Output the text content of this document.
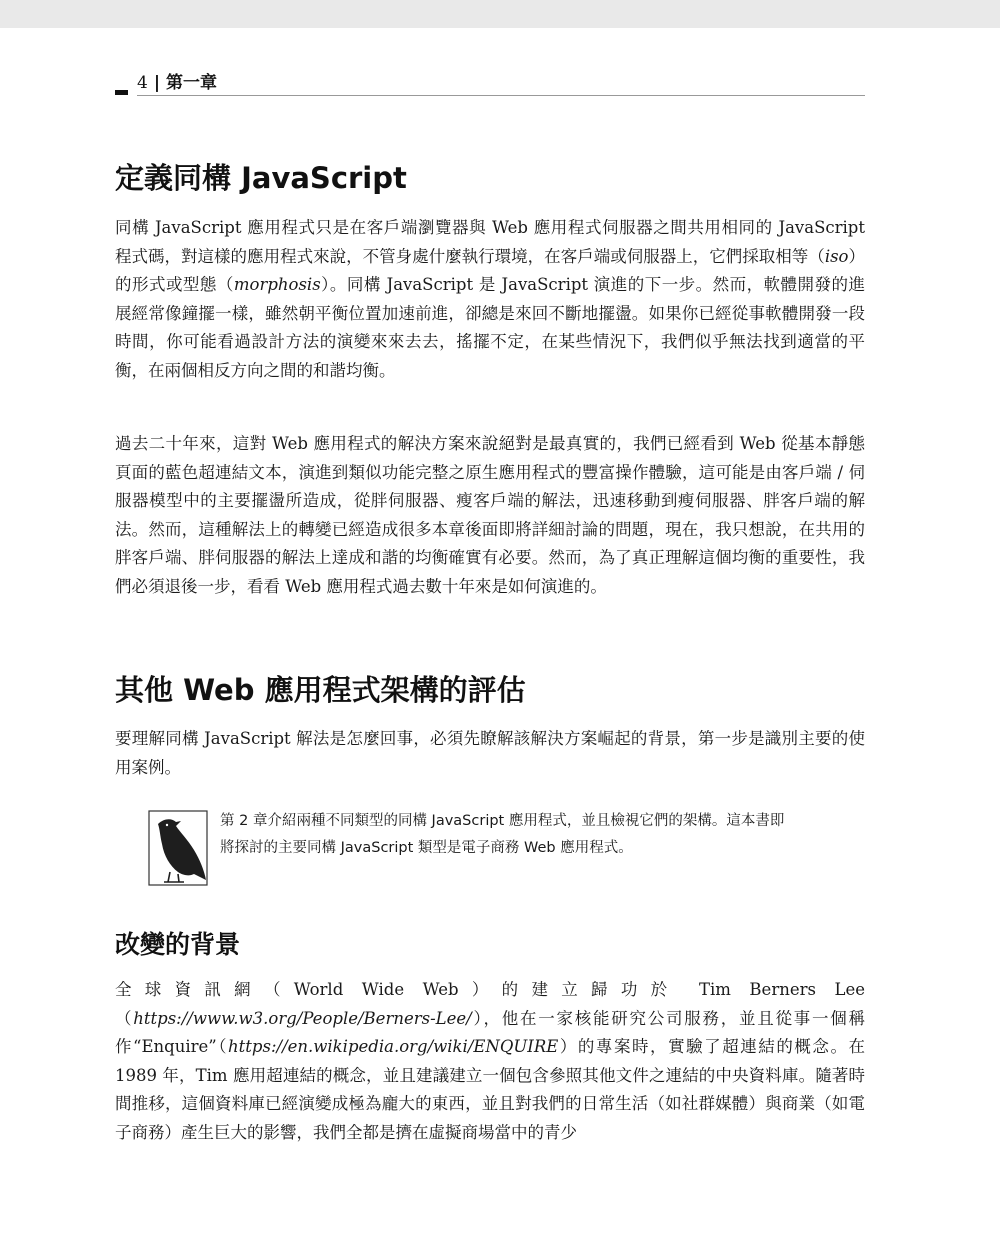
4 | 第一章
定義同構 JavaScript

同構 JavaScript 應用程式只是在客戶端瀏覽器與 Web 應用程式伺服器之間共用相同的 JavaScript 程式碼，對這樣的應用程式來說，不管身處什麼執行環境，在客戶端或伺服器上，它們採取相等（iso）的形式或型態（morphosis）。同構 JavaScript 是 JavaScript 演進的下一步。然而，軟體開發的進展經常像鐘擺一樣，雖然朝平衡位置加速前進，卻總是來回不斷地擺盪。如果你已經從事軟體開發一段時間，你可能看過設計方法的演變來來去去，搖擺不定，在某些情況下，我們似乎無法找到適當的平衡，在兩個相反方向之間的和諧均衡。

過去二十年來，這對 Web 應用程式的解決方案來說絕對是最真實的，我們已經看到 Web 從基本靜態頁面的藍色超連結文本，演進到類似功能完整之原生應用程式的豐富操作體驗，這可能是由客戶端 / 伺服器模型中的主要擺盪所造成，從胖伺服器、瘦客戶端的解法，迅速移動到瘦伺服器、胖客戶端的解法。然而，這種解法上的轉變已經造成很多本章後面即將詳細討論的問題，現在，我只想說，在共用的胖客戶端、胖伺服器的解法上達成和諧的均衡確實有必要。然而，為了真正理解這個均衡的重要性，我們必須退後一步，看看 Web 應用程式過去數十年來是如何演進的。

其他 Web 應用程式架構的評估

要理解同構 JavaScript 解法是怎麼回事，必須先瞭解該解決方案崛起的背景，第一步是識別主要的使用案例。

第 2 章介紹兩種不同類型的同構 JavaScript 應用程式，並且檢視它們的架構。這本書即將探討的主要同構 JavaScript 類型是電子商務 Web 應用程式。

改變的背景

全球資訊網（World Wide Web）的建立歸功於 Tim Berners Lee（https://www.w3.org/People/Berners-Lee/），他在一家核能研究公司服務，並且從事一個稱作“Enquire”（https://en.wikipedia.org/wiki/ENQUIRE）的專案時，實驗了超連結的概念。在 1989 年，Tim 應用超連結的概念，並且建議建立一個包含參照其他文件之連結的中央資料庫。隨著時間推移，這個資料庫已經演變成極為龐大的東西，並且對我們的日常生活（如社群媒體）與商業（如電子商務）產生巨大的影響，我們全都是擠在虛擬商場當中的青少
